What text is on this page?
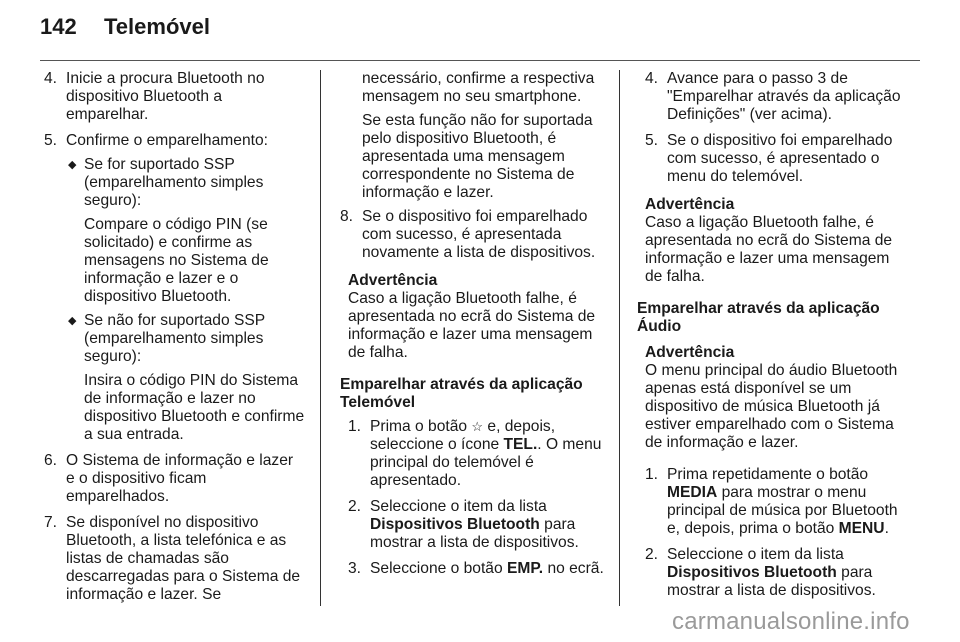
142 Telemóvel
4. Inicie a procura Bluetooth no dispositivo Bluetooth a emparelhar.
5. Confirme o emparelhamento:
◆ Se for suportado SSP (emparelhamento simples seguro):
Compare o código PIN (se solicitado) e confirme as mensagens no Sistema de informação e lazer e o dispositivo Bluetooth.
◆ Se não for suportado SSP (emparelhamento simples seguro):
Insira o código PIN do Sistema de informação e lazer no dispositivo Bluetooth e confirme a sua entrada.
6. O Sistema de informação e lazer e o dispositivo ficam emparelhados.
7. Se disponível no dispositivo Bluetooth, a lista telefónica e as listas de chamadas são descarregadas para o Sistema de informação e lazer. Se
necessário, confirme a respectiva mensagem no seu smartphone.
Se esta função não for suportada pelo dispositivo Bluetooth, é apresentada uma mensagem correspondente no Sistema de informação e lazer.
8. Se o dispositivo foi emparelhado com sucesso, é apresentada novamente a lista de dispositivos.
Advertência
Caso a ligação Bluetooth falhe, é apresentada no ecrã do Sistema de informação e lazer uma mensagem de falha.
Emparelhar através da aplicação Telemóvel
1. Prima o botão ☆ e, depois, seleccione o ícone TEL.. O menu principal do telemóvel é apresentado.
2. Seleccione o item da lista Dispositivos Bluetooth para mostrar a lista de dispositivos.
3. Seleccione o botão EMP. no ecrã.
4. Avance para o passo 3 de "Emparelhar através da aplicação Definições" (ver acima).
5. Se o dispositivo foi emparelhado com sucesso, é apresentado o menu do telemóvel.
Advertência
Caso a ligação Bluetooth falhe, é apresentada no ecrã do Sistema de informação e lazer uma mensagem de falha.
Emparelhar através da aplicação Áudio
Advertência
O menu principal do áudio Bluetooth apenas está disponível se um dispositivo de música Bluetooth já estiver emparelhado com o Sistema de informação e lazer.
1. Prima repetidamente o botão MEDIA para mostrar o menu principal de música por Bluetooth e, depois, prima o botão MENU.
2. Seleccione o item da lista Dispositivos Bluetooth para mostrar a lista de dispositivos.
carmanualsonline.info
